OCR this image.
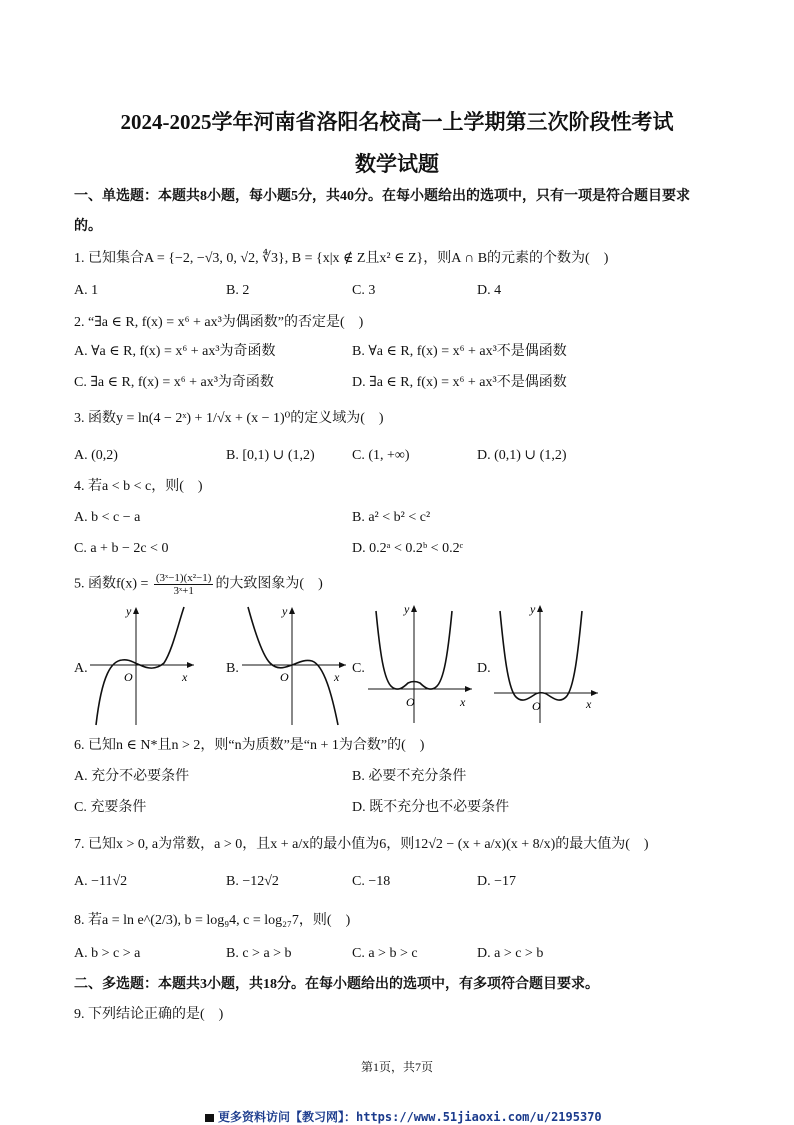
2024-2025学年河南省洛阳名校高一上学期第三次阶段性考试
数学试题
一、单选题：本题共8小题，每小题5分，共40分。在每小题给出的选项中，只有一项是符合题目要求
的。
1. 已知集合A = {−2, −√3, 0, √2, ∜3}, B = {x|x ∉ Z且x² ∈ Z}，则A ∩ B的元素的个数为(　)
A. 1	B. 2	C. 3	D. 4
2. “∃a ∈ R, f(x) = x⁶ + ax³为偶函数”的否定是(　)
A. ∀a ∈ R, f(x) = x⁶ + ax³为奇函数	B. ∀a ∈ R, f(x) = x⁶ + ax³不是偶函数
C. ∃a ∈ R, f(x) = x⁶ + ax³为奇函数	D. ∃a ∈ R, f(x) = x⁶ + ax³不是偶函数
3. 函数y = ln(4 − 2ˣ) + 1/√x + (x − 1)⁰的定义域为(　)
A. (0,2)	B. [0,1) ∪ (1,2)	C. (1, +∞)	D. (0,1) ∪ (1,2)
4. 若a < b < c，则(　)
A. b < c − a	B. a² < b² < c²
C. a + b − 2c < 0	D. 0.2ᵃ < 0.2ᵇ < 0.2ᶜ
5. 函数$f(x) = \frac{\text{(3ˣ−1)(x²−1)}}{\text{3ˣ+1}}$ 的大致图象为(　)
A.	B.	C.	D.
y
x
O
y
x
O
y
x
O
y
x
O
6. 已知n ∈ N*且n > 2，则“n为质数”是“n + 1为合数”的(　)
A. 充分不必要条件	B. 必要不充分条件
C. 充要条件	D. 既不充分也不必要条件
7. 已知x > 0, a为常数，a > 0，且x + a/x的最小值为6，则12√2 − (x + a/x)(x + 8/x)的最大值为(　)
A. −11√2	B. −12√2	C. −18	D. −17
8. 若a = ln e^(2/3), b = log₉4, c = log₂₇7，则(　)
A. b > c > a	B. c > a > b	C. a > b > c	D. a > c > b
二、多选题：本题共3小题，共18分。在每小题给出的选项中，有多项符合题目要求。
9. 下列结论正确的是(　)
第1页，共7页
更多资料访问【教习网】：https://www.51jiaoxi.com/u/2195370
